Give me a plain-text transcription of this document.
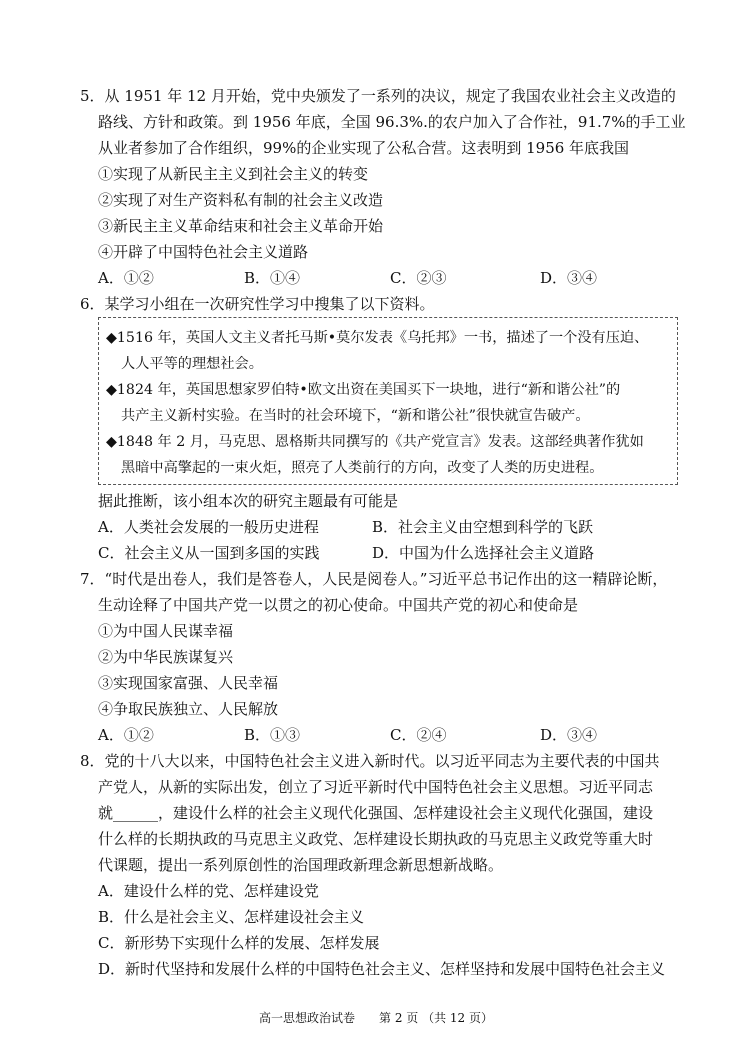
5．从 1951 年 12 月开始，党中央颁发了一系列的决议，规定了我国农业社会主义改造的
路线、方针和政策。到 1956 年底，全国 96.3%.的农户加入了合作社，91.7%的手工业
从业者参加了合作组织，99%的企业实现了公私合营。这表明到 1956 年底我国
①实现了从新民主主义到社会主义的转变
②实现了对生产资料私有制的社会主义改造
③新民主主义革命结束和社会主义革命开始
④开辟了中国特色社会主义道路
A．①②	B．①④	C．②③	D．③④
6．某学习小组在一次研究性学习中搜集了以下资料。
◆1516 年，英国人文主义者托马斯•莫尔发表《乌托邦》一书，描述了一个没有压迫、
人人平等的理想社会。
◆1824 年，英国思想家罗伯特•欧文出资在美国买下一块地，进行“新和谐公社”的
共产主义新村实验。在当时的社会环境下，“新和谐公社”很快就宣告破产。
◆1848 年 2 月，马克思、恩格斯共同撰写的《共产党宣言》发表。这部经典著作犹如
黑暗中高擎起的一束火炬，照亮了人类前行的方向，改变了人类的历史进程。
据此推断，该小组本次的研究主题最有可能是
A．人类社会发展的一般历史进程	B．社会主义由空想到科学的飞跃
C．社会主义从一国到多国的实践	D．中国为什么选择社会主义道路
7．“时代是出卷人，我们是答卷人，人民是阅卷人。”习近平总书记作出的这一精辟论断，
生动诠释了中国共产党一以贯之的初心使命。中国共产党的初心和使命是
①为中国人民谋幸福
②为中华民族谋复兴
③实现国家富强、人民幸福
④争取民族独立、人民解放
A．①②	B．①③	C．②④	D．③④
8．党的十八大以来，中国特色社会主义进入新时代。以习近平同志为主要代表的中国共
产党人，从新的实际出发，创立了习近平新时代中国特色社会主义思想。习近平同志
就______，建设什么样的社会主义现代化强国、怎样建设社会主义现代化强国，建设
什么样的长期执政的马克思主义政党、怎样建设长期执政的马克思主义政党等重大时
代课题，提出一系列原创性的治国理政新理念新思想新战略。
A．建设什么样的党、怎样建设党
B．什么是社会主义、怎样建设社会主义
C．新形势下实现什么样的发展、怎样发展
D．新时代坚持和发展什么样的中国特色社会主义、怎样坚持和发展中国特色社会主义
高一思想政治试卷　　第 2 页 （共 12 页）
